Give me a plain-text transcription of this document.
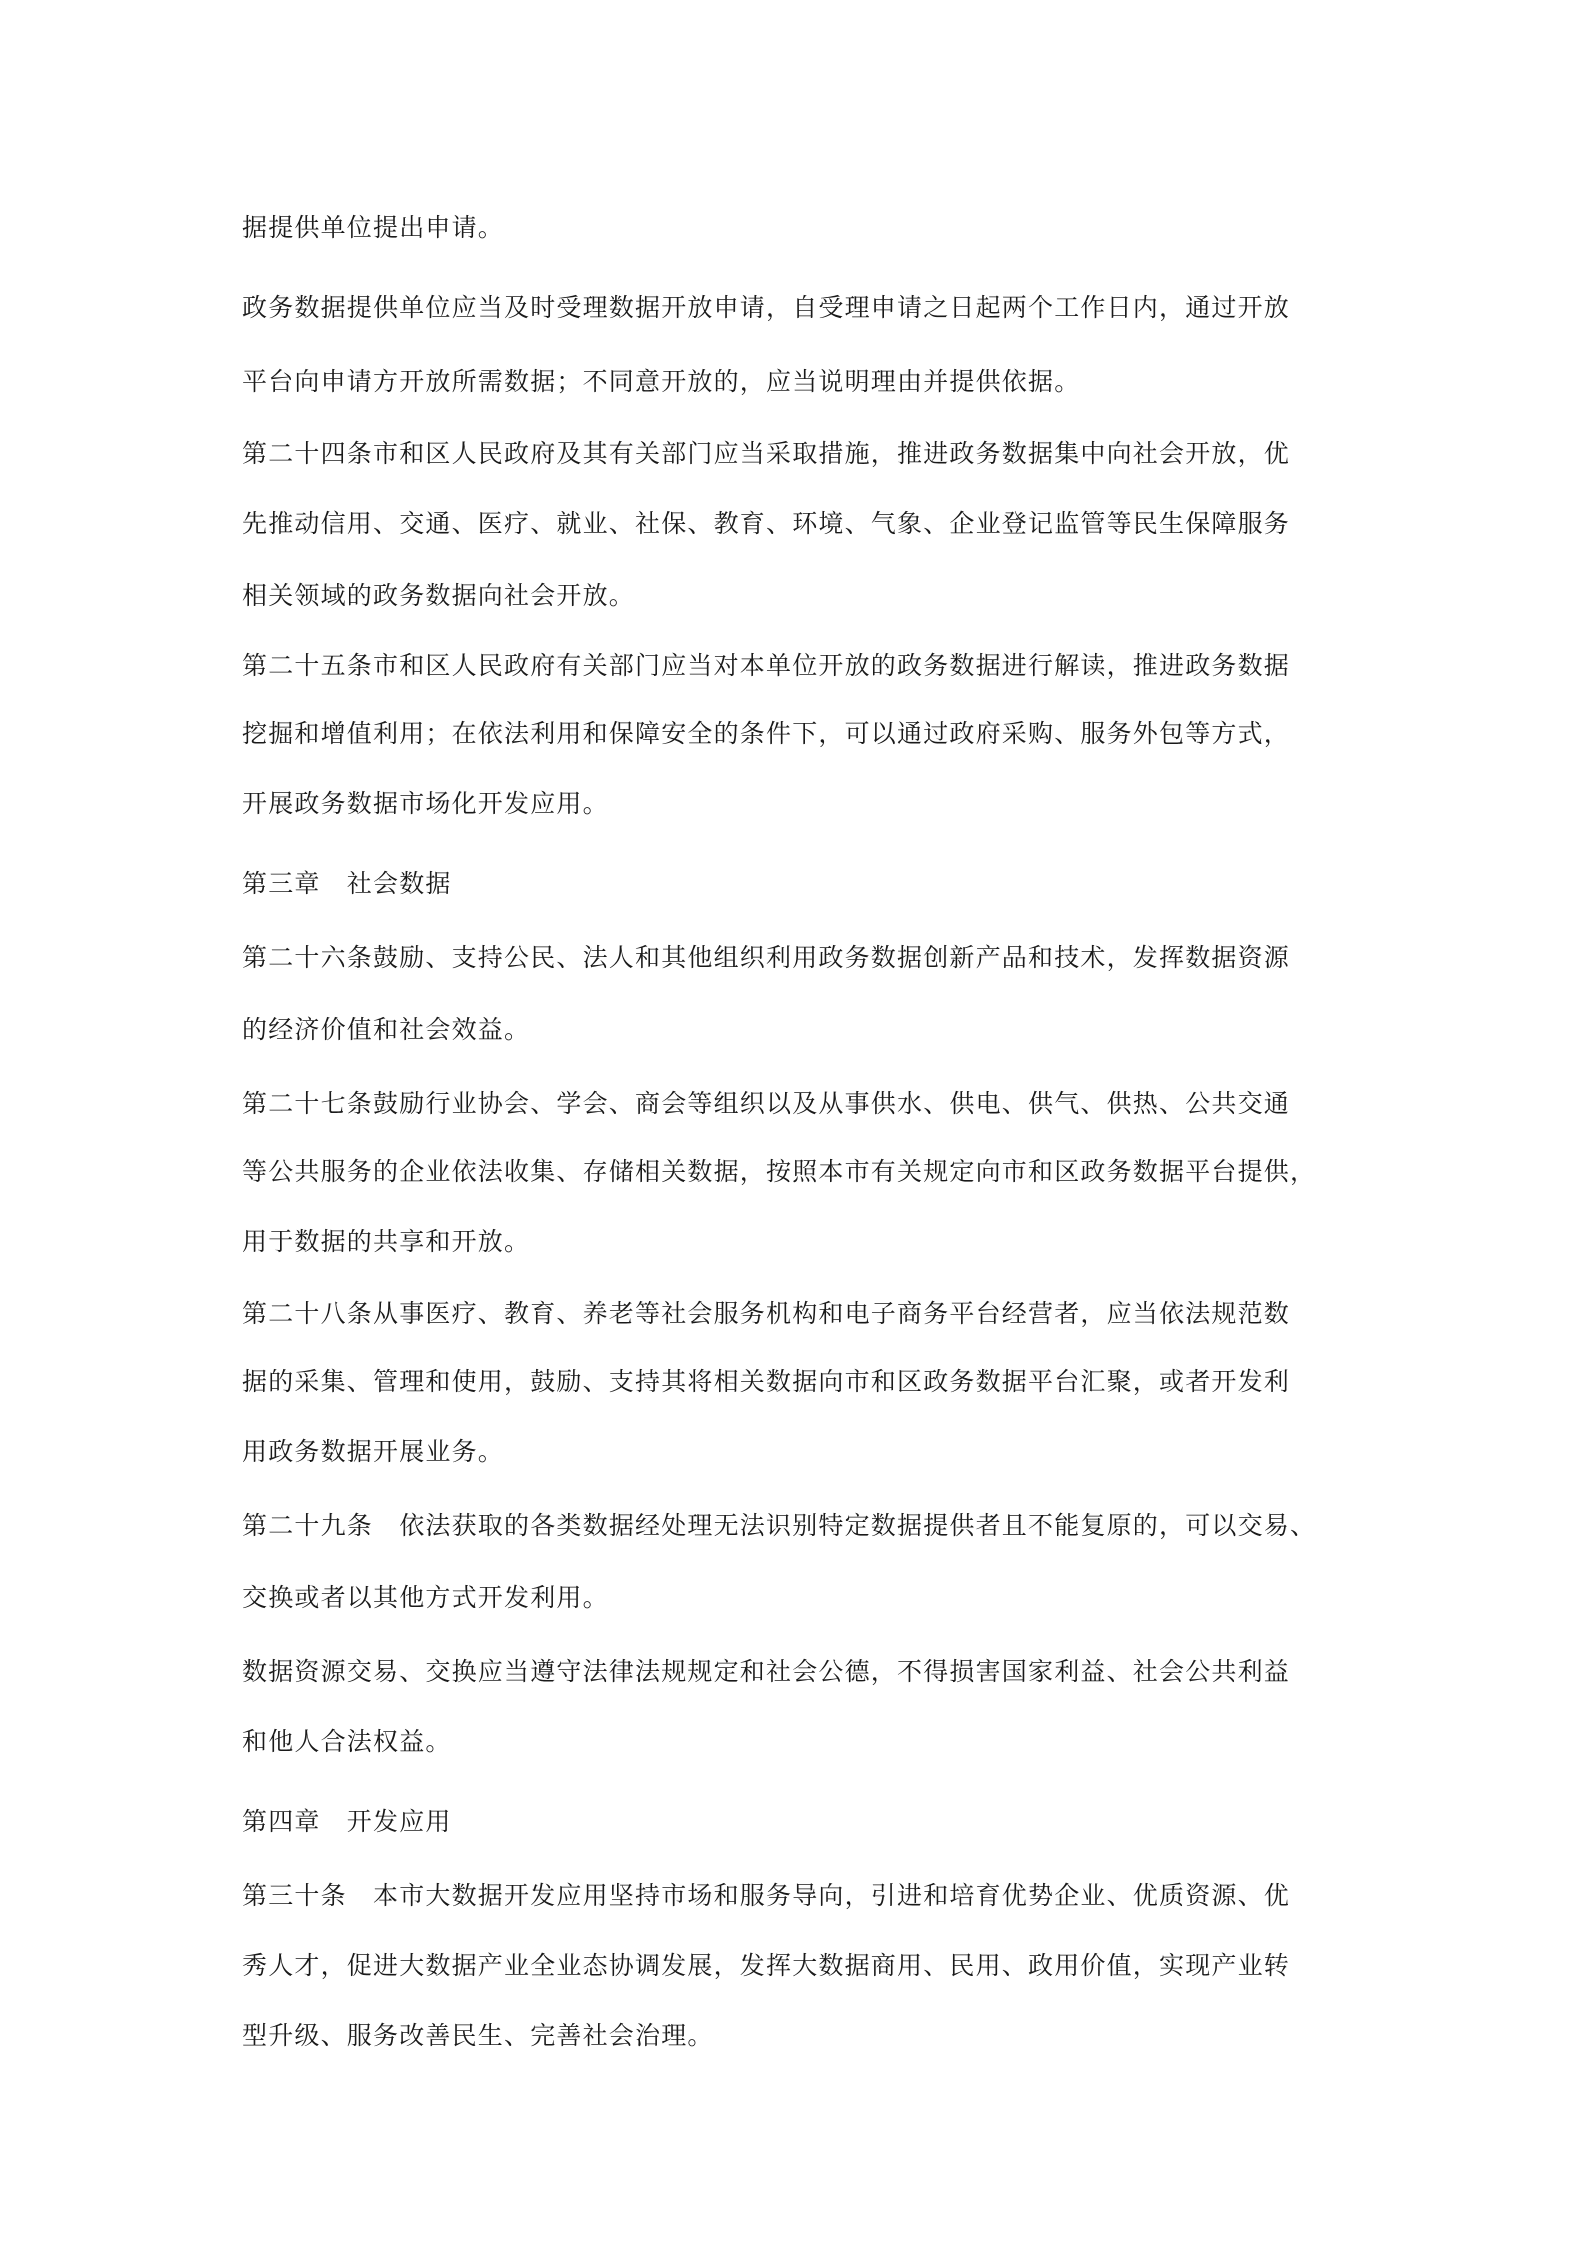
据提供单位提出申请。

政务数据提供单位应当及时受理数据开放申请，自受理申请之日起两个工作日内，通过开放

平台向申请方开放所需数据；不同意开放的，应当说明理由并提供依据。

第二十四条市和区人民政府及其有关部门应当采取措施，推进政务数据集中向社会开放，优

先推动信用、交通、医疗、就业、社保、教育、环境、气象、企业登记监管等民生保障服务

相关领域的政务数据向社会开放。

第二十五条市和区人民政府有关部门应当对本单位开放的政务数据进行解读，推进政务数据

挖掘和增值利用；在依法利用和保障安全的条件下，可以通过政府采购、服务外包等方式，

开展政务数据市场化开发应用。

第三章　社会数据

第二十六条鼓励、支持公民、法人和其他组织利用政务数据创新产品和技术，发挥数据资源

的经济价值和社会效益。

第二十七条鼓励行业协会、学会、商会等组织以及从事供水、供电、供气、供热、公共交通

等公共服务的企业依法收集、存储相关数据，按照本市有关规定向市和区政务数据平台提供，

用于数据的共享和开放。

第二十八条从事医疗、教育、养老等社会服务机构和电子商务平台经营者，应当依法规范数

据的采集、管理和使用，鼓励、支持其将相关数据向市和区政务数据平台汇聚，或者开发利

用政务数据开展业务。

第二十九条　依法获取的各类数据经处理无法识别特定数据提供者且不能复原的，可以交易、

交换或者以其他方式开发利用。

数据资源交易、交换应当遵守法律法规规定和社会公德，不得损害国家利益、社会公共利益

和他人合法权益。

第四章　开发应用

第三十条　本市大数据开发应用坚持市场和服务导向，引进和培育优势企业、优质资源、优

秀人才，促进大数据产业全业态协调发展，发挥大数据商用、民用、政用价值，实现产业转

型升级、服务改善民生、完善社会治理。
